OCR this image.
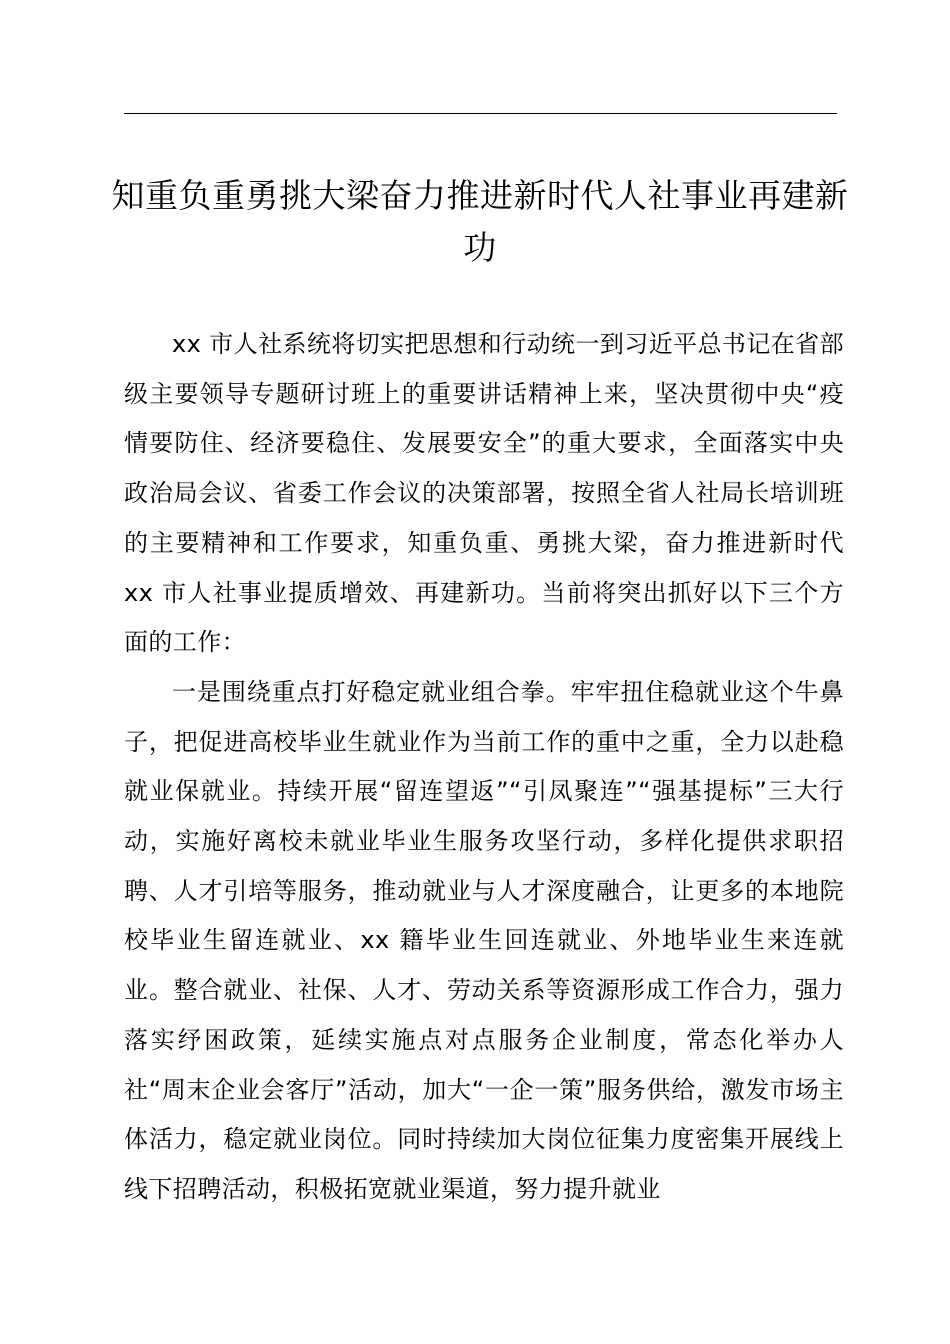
知重负重勇挑大梁奋力推进新时代人社事业再建新功

xx 市人社系统将切实把思想和行动统一到习近平总书记在省部级主要领导专题研讨班上的重要讲话精神上来，坚决贯彻中央“疫情要防住、经济要稳住、发展要安全”的重大要求，全面落实中央政治局会议、省委工作会议的决策部署，按照全省人社局长培训班的主要精神和工作要求，知重负重、勇挑大梁，奋力推进新时代 xx 市人社事业提质增效、再建新功。当前将突出抓好以下三个方面的工作：

一是围绕重点打好稳定就业组合拳。牢牢扭住稳就业这个牛鼻子，把促进高校毕业生就业作为当前工作的重中之重，全力以赴稳就业保就业。持续开展“留连望返”“引凤聚连”“强基提标”三大行动，实施好离校未就业毕业生服务攻坚行动，多样化提供求职招聘、人才引培等服务，推动就业与人才深度融合，让更多的本地院校毕业生留连就业、xx 籍毕业生回连就业、外地毕业生来连就业。整合就业、社保、人才、劳动关系等资源形成工作合力，强力落实纾困政策，延续实施点对点服务企业制度，常态化举办人社“周末企业会客厅”活动，加大“一企一策”服务供给，激发市场主体活力，稳定就业岗位。同时持续加大岗位征集力度密集开展线上线下招聘活动，积极拓宽就业渠道，努力提升就业
